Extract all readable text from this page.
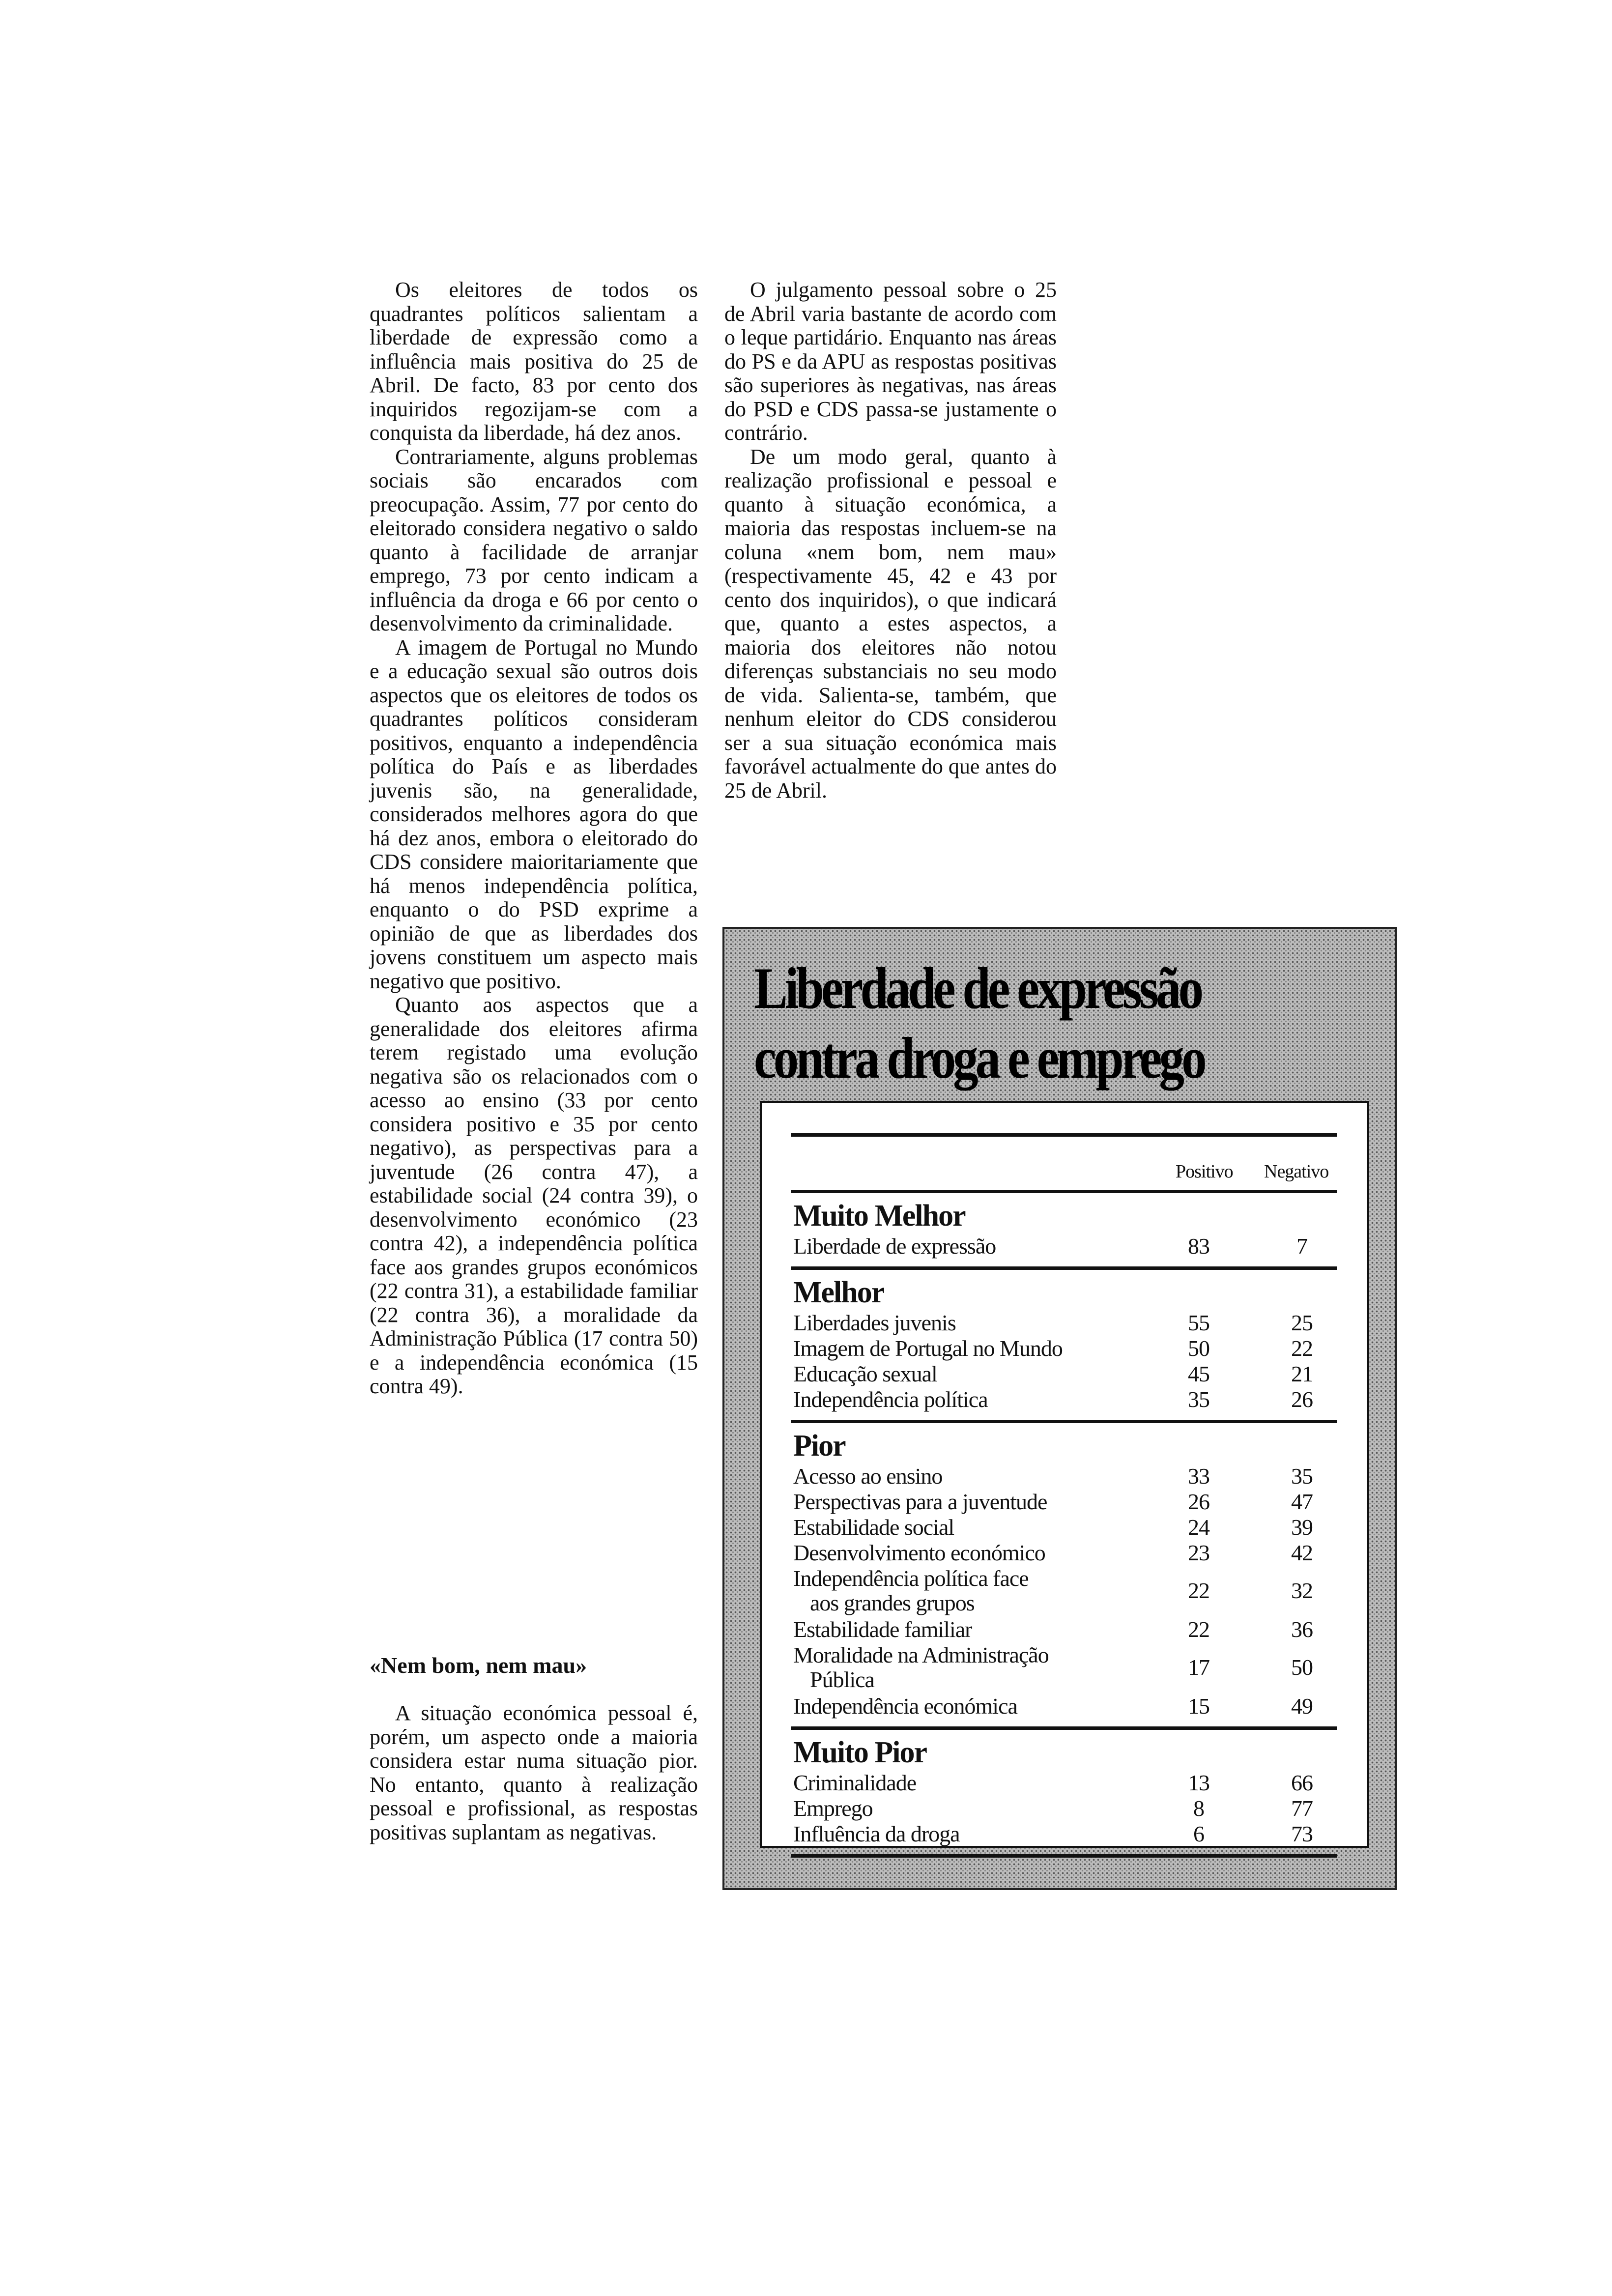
Os eleitores de todos os quadrantes políticos salientam a liberdade de expressão como a influência mais positiva do 25 de Abril. De facto, 83 por cento dos inquiridos regozijam-se com a conquista da liberdade, há dez anos.

Contrariamente, alguns problemas sociais são encarados com preocupação. Assim, 77 por cento do eleitorado considera negativo o saldo quanto à facilidade de arranjar emprego, 73 por cento indicam a influência da droga e 66 por cento o desenvolvimento da criminalidade.

A imagem de Portugal no Mundo e a educação sexual são outros dois aspectos que os eleitores de todos os quadrantes políticos consideram positivos, enquanto a independência política do País e as liberdades juvenis são, na generalidade, considerados melhores agora do que há dez anos, embora o eleitorado do CDS considere maioritariamente que há menos independência política, enquanto o do PSD exprime a opinião de que as liberdades dos jovens constituem um aspecto mais negativo que positivo.

Quanto aos aspectos que a generalidade dos eleitores afirma terem registado uma evolução negativa são os relacionados com o acesso ao ensino (33 por cento considera positivo e 35 por cento negativo), as perspectivas para a juventude (26 contra 47), a estabilidade social (24 contra 39), o desenvolvimento económico (23 contra 42), a independência política face aos grandes grupos económicos (22 contra 31), a estabilidade familiar (22 contra 36), a moralidade da Administração Pública (17 contra 50) e a independência económica (15 contra 49).

«Nem bom, nem mau»

A situação económica pessoal é, porém, um aspecto onde a maioria considera estar numa situação pior. No entanto, quanto à realização pessoal e profissional, as respostas positivas suplantam as negativas.

O julgamento pessoal sobre o 25 de Abril varia bastante de acordo com o leque partidário. Enquanto nas áreas do PS e da APU as respostas positivas são superiores às negativas, nas áreas do PSD e CDS passa-se justamente o contrário.

De um modo geral, quanto à realização profissional e pessoal e quanto à situação económica, a maioria das respostas incluem-se na coluna «nem bom, nem mau» (respectivamente 45, 42 e 43 por cento dos inquiridos), o que indicará que, quanto a estes aspectos, a maioria dos eleitores não notou diferenças substanciais no seu modo de vida. Salienta-se, também, que nenhum eleitor do CDS considerou ser a sua situação económica mais favorável actualmente do que antes do 25 de Abril.

Liberdade de expressão
contra droga e emprego
Positivo Negativo
Muito Melhor
Liberdade de expressão	83	7
Melhor
Liberdades juvenis	55	25
Imagem de Portugal no Mundo	50	22
Educação sexual	45	21
Independência política	35	26
Pior
Acesso ao ensino	33	35
Perspectivas para a juventude	26	47
Estabilidade social	24	39
Desenvolvimento económico	23	42
Independência política face
aos grandes grupos	22	32
Estabilidade familiar	22	36
Moralidade na Administração
Pública	17	50
Independência económica	15	49
Muito Pior
Criminalidade	13	66
Emprego	8	77
Influência da droga	6	73
